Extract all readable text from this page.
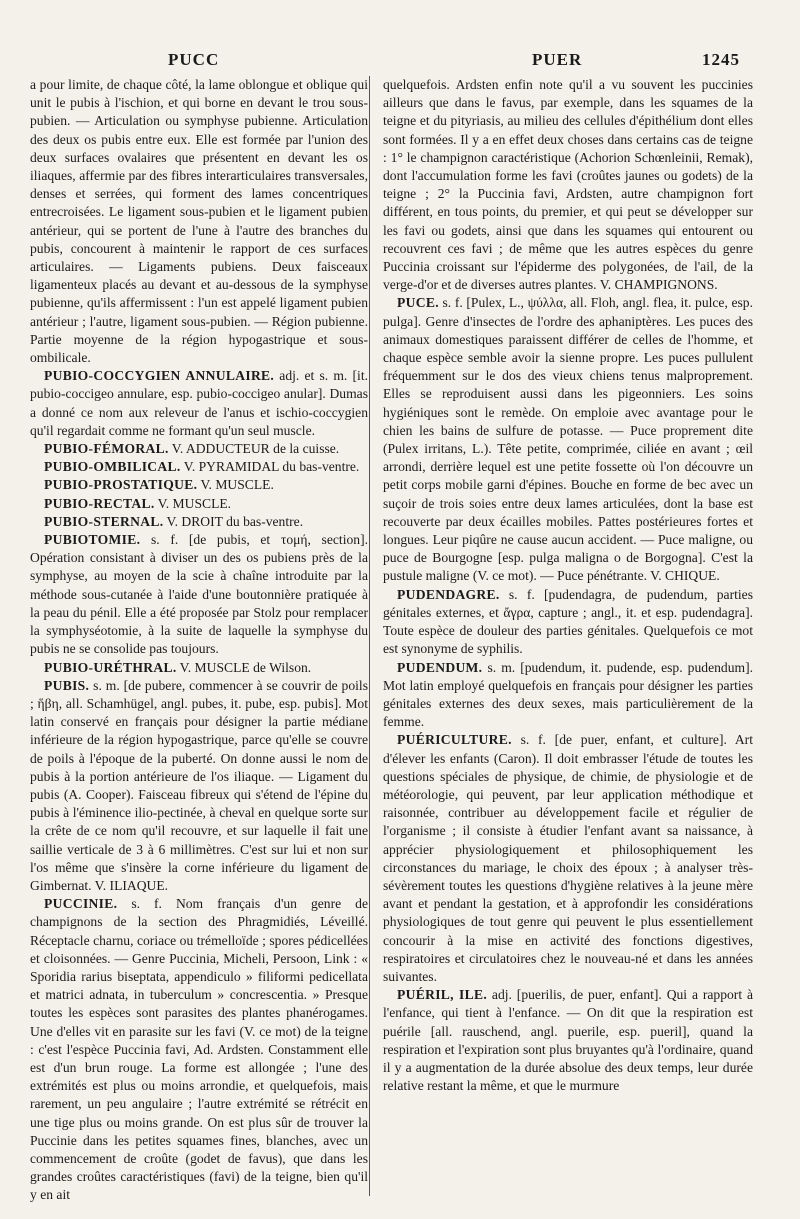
PUCC	PUER	1245

a pour limite, de chaque côté, la lame oblongue et oblique qui unit le pubis à l'ischion, et qui borne en devant le trou sous-pubien. — Articulation ou symphyse pubienne. Articulation des deux os pubis entre eux. Elle est formée par l'union des deux surfaces ovalaires que présentent en devant les os iliaques, affermie par des fibres interarticulaires transversales, denses et serrées, qui forment des lames concentriques entrecroisées. Le ligament sous-pubien et le ligament pubien antérieur, qui se portent de l'une à l'autre des branches du pubis, concourent à maintenir le rapport de ces surfaces articulaires. — Ligaments pubiens. Deux faisceaux ligamenteux placés au devant et au-dessous de la symphyse pubienne, qu'ils affermissent : l'un est appelé ligament pubien antérieur ; l'autre, ligament sous-pubien. — Région pubienne. Partie moyenne de la région hypogastrique et sous-ombilicale.

PUBIO-COCCYGIEN ANNULAIRE. adj. et s. m. [it. pubio-coccigeo annulare, esp. pubio-coccigeo anular]. Dumas a donné ce nom aux releveur de l'anus et ischio-coccygien qu'il regardait comme ne formant qu'un seul muscle.

PUBIO-FÉMORAL. V. ADDUCTEUR de la cuisse.

PUBIO-OMBILICAL. V. PYRAMIDAL du bas-ventre.

PUBIO-PROSTATIQUE. V. MUSCLE.

PUBIO-RECTAL. V. MUSCLE.

PUBIO-STERNAL. V. DROIT du bas-ventre.

PUBIOTOMIE. s. f. [de pubis, et τομή, section]. Opération consistant à diviser un des os pubiens près de la symphyse, au moyen de la scie à chaîne introduite par la méthode sous-cutanée à l'aide d'une boutonnière pratiquée à la peau du pénil. Elle a été proposée par Stolz pour remplacer la symphyséotomie, à la suite de laquelle la symphyse du pubis ne se consolide pas toujours.

PUBIO-URÉTHRAL. V. MUSCLE de Wilson.

PUBIS. s. m. [de pubere, commencer à se couvrir de poils ; ἥβη, all. Schamhügel, angl. pubes, it. pube, esp. pubis]. Mot latin conservé en français pour désigner la partie médiane inférieure de la région hypogastrique, parce qu'elle se couvre de poils à l'époque de la puberté. On donne aussi le nom de pubis à la portion antérieure de l'os iliaque. — Ligament du pubis (A. Cooper). Faisceau fibreux qui s'étend de l'épine du pubis à l'éminence ilio-pectinée, à cheval en quelque sorte sur la crête de ce nom qu'il recouvre, et sur laquelle il fait une saillie verticale de 3 à 6 millimètres. C'est sur lui et non sur l'os même que s'insère la corne inférieure du ligament de Gimbernat. V. ILIAQUE.

PUCCINIE. s. f. Nom français d'un genre de champignons de la section des Phragmidiés, Léveillé. Réceptacle charnu, coriace ou trémelloïde ; spores pédicellées et cloisonnées. — Genre Puccinia, Micheli, Persoon, Link : « Sporidia rarius biseptata, appendiculo » filiformi pedicellata et matrici adnata, in tuberculum » concrescentia. » Presque toutes les espèces sont parasites des plantes phanérogames. Une d'elles vit en parasite sur les favi (V. ce mot) de la teigne : c'est l'espèce Puccinia favi, Ad. Ardsten. Constamment elle est d'un brun rouge. La forme est allongée ; l'une des extrémités est plus ou moins arrondie, et quelquefois, mais rarement, un peu angulaire ; l'autre extrémité se rétrécit en une tige plus ou moins grande. On est plus sûr de trouver la Puccinie dans les petites squames fines, blanches, avec un commencement de croûte (godet de favus), que dans les grandes croûtes caractéristiques (favi) de la teigne, bien qu'il y en ait

quelquefois. Ardsten enfin note qu'il a vu souvent les puccinies ailleurs que dans le favus, par exemple, dans les squames de la teigne et du pityriasis, au milieu des cellules d'épithélium dont elles sont formées. Il y a en effet deux choses dans certains cas de teigne : 1° le champignon caractéristique (Achorion Schœnleinii, Remak), dont l'accumulation forme les favi (croûtes jaunes ou godets) de la teigne ; 2° la Puccinia favi, Ardsten, autre champignon fort différent, en tous points, du premier, et qui peut se développer sur les favi ou godets, ainsi que dans les squames qui entourent ou recouvrent ces favi ; de même que les autres espèces du genre Puccinia croissant sur l'épiderme des polygonées, de l'ail, de la verge-d'or et de diverses autres plantes. V. CHAMPIGNONS.

PUCE. s. f. [Pulex, L., ψύλλα, all. Floh, angl. flea, it. pulce, esp. pulga]. Genre d'insectes de l'ordre des aphaniptères. Les puces des animaux domestiques paraissent différer de celles de l'homme, et chaque espèce semble avoir la sienne propre. Les puces pullulent fréquemment sur le dos des vieux chiens tenus malproprement. Elles se reproduisent aussi dans les pigeonniers. Les soins hygiéniques sont le remède. On emploie avec avantage pour le chien les bains de sulfure de potasse. — Puce proprement dite (Pulex irritans, L.). Tête petite, comprimée, ciliée en avant ; œil arrondi, derrière lequel est une petite fossette où l'on découvre un petit corps mobile garni d'épines. Bouche en forme de bec avec un suçoir de trois soies entre deux lames articulées, dont la base est recouverte par deux écailles mobiles. Pattes postérieures fortes et longues. Leur piqûre ne cause aucun accident. — Puce maligne, ou puce de Bourgogne [esp. pulga maligna o de Borgogna]. C'est la pustule maligne (V. ce mot). — Puce pénétrante. V. CHIQUE.

PUDENDAGRE. s. f. [pudendagra, de pudendum, parties génitales externes, et ἄγρα, capture ; angl., it. et esp. pudendagra]. Toute espèce de douleur des parties génitales. Quelquefois ce mot est synonyme de syphilis.

PUDENDUM. s. m. [pudendum, it. pudende, esp. pudendum]. Mot latin employé quelquefois en français pour désigner les parties génitales externes des deux sexes, mais particulièrement de la femme.

PUÉRICULTURE. s. f. [de puer, enfant, et culture]. Art d'élever les enfants (Caron). Il doit embrasser l'étude de toutes les questions spéciales de physique, de chimie, de physiologie et de météorologie, qui peuvent, par leur application méthodique et raisonnée, contribuer au développement facile et régulier de l'organisme ; il consiste à étudier l'enfant avant sa naissance, à apprécier physiologiquement et philosophiquement les circonstances du mariage, le choix des époux ; à analyser très-sévèrement toutes les questions d'hygiène relatives à la jeune mère avant et pendant la gestation, et à approfondir les considérations physiologiques de tout genre qui peuvent le plus essentiellement concourir à la mise en activité des fonctions digestives, respiratoires et circulatoires chez le nouveau-né et dans les années suivantes.

PUÉRIL, ILE. adj. [puerilis, de puer, enfant]. Qui a rapport à l'enfance, qui tient à l'enfance. — On dit que la respiration est puérile [all. rauschend, angl. puerile, esp. pueril], quand la respiration et l'expiration sont plus bruyantes qu'à l'ordinaire, quand il y a augmentation de la durée absolue des deux temps, leur durée relative restant la même, et que le murmure
